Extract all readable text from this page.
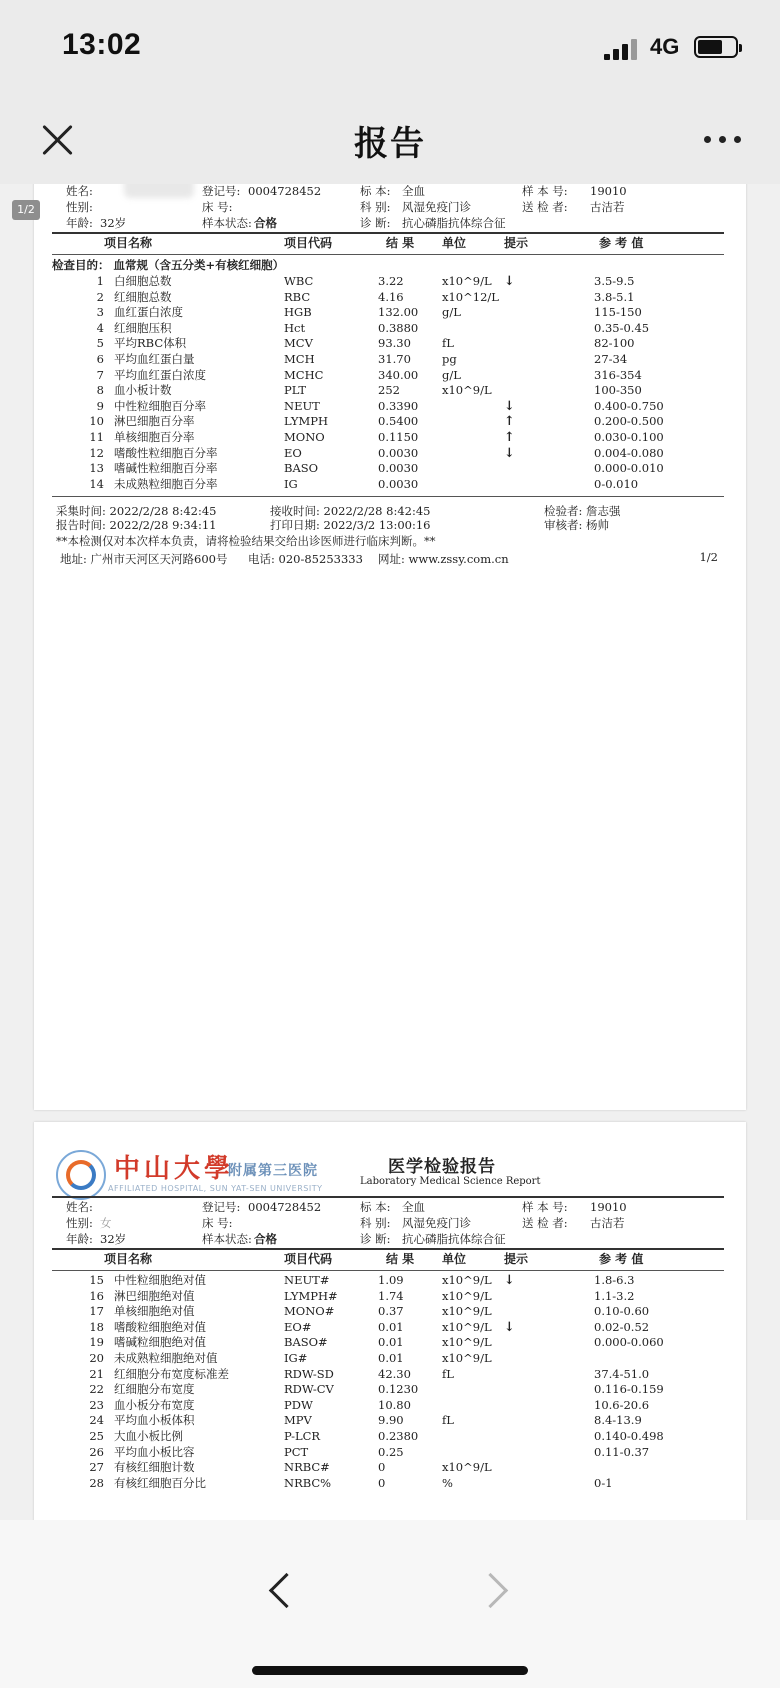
13:02	4G
报告
1/2
姓名:	登记号: 0004728452	标 本: 全血	样 本 号: 19010
性别:	床 号:	科 别: 风湿免疫门诊	送 检 者: 古洁若
年龄: 32岁	样本状态: 合格	诊 断: 抗心磷脂抗体综合征
项目名称	项目代码	结 果 单位	提示	参 考 值
检查目的： 血常规（含五分类+有核红细胞）
1 白细胞总数	WBC	3.22	x10^9/L ↓	3.5-9.5
2 红细胞总数	RBC	4.16	x10^12/L	3.8-5.1
3 血红蛋白浓度	HGB	132.00 g/L	115-150
4 红细胞压积	Hct	0.3880	0.35-0.45
5 平均RBC体积	MCV	93.30	fL	82-100
6 平均血红蛋白量	MCH	31.70	pg	27-34
7 平均血红蛋白浓度	MCHC	340.00 g/L	316-354
8 血小板计数	PLT	252	x10^9/L	100-350
9 中性粒细胞百分率	NEUT	0.3390	↓	0.400-0.750
10 淋巴细胞百分率	LYMPH	0.5400	↑	0.200-0.500
11 单核细胞百分率	MONO	0.1150	↑	0.030-0.100
12 嗜酸性粒细胞百分率	EO	0.0030	↓	0.004-0.080
13 嗜碱性粒细胞百分率	BASO	0.0030	0.000-0.010
14 未成熟粒细胞百分率	IG	0.0030	0-0.010
采集时间: 2022/2/28 8:42:45	接收时间: 2022/2/28 8:42:45	检验者: 詹志强
报告时间: 2022/2/28 9:34:11	打印日期: 2022/3/2 13:00:16	审核者: 杨帅
**本检测仅对本次样本负责，请将检验结果交给出诊医师进行临床判断。**
地址: 广州市天河区天河路600号 电话: 020-85253333 网址: www.zssy.com.cn	1/2
中山大學
附属第三医院
AFFILIATED HOSPITAL, SUN YAT-SEN UNIVERSITY
医学检验报告
Laboratory Medical Science Report
姓名:	登记号: 0004728452	标 本: 全血	样 本 号: 19010
性别: 女	床 号:	科 别: 风湿免疫门诊	送 检 者: 古洁若
年龄: 32岁	样本状态: 合格	诊 断: 抗心磷脂抗体综合征
项目名称	项目代码	结 果 单位	提示	参 考 值
15 中性粒细胞绝对值	NEUT#	1.09	x10^9/L ↓	1.8-6.3
16 淋巴细胞绝对值	LYMPH#	1.74	x10^9/L	1.1-3.2
17 单核细胞绝对值	MONO#	0.37	x10^9/L	0.10-0.60
18 嗜酸粒细胞绝对值	EO#	0.01	x10^9/L ↓	0.02-0.52
19 嗜碱粒细胞绝对值	BASO#	0.01	x10^9/L	0.000-0.060
20 未成熟粒细胞绝对值	IG#	0.01	x10^9/L
21 红细胞分布宽度标准差	RDW-SD	42.30	fL	37.4-51.0
22 红细胞分布宽度	RDW-CV	0.1230	0.116-0.159
23 血小板分布宽度	PDW	10.80	10.6-20.6
24 平均血小板体积	MPV	9.90	fL	8.4-13.9
25 大血小板比例	P-LCR	0.2380	0.140-0.498
26 平均血小板比容	PCT	0.25	0.11-0.37
27 有核红细胞计数	NRBC#	0	x10^9/L
28 有核红细胞百分比	NRBC%	0	%	0-1
